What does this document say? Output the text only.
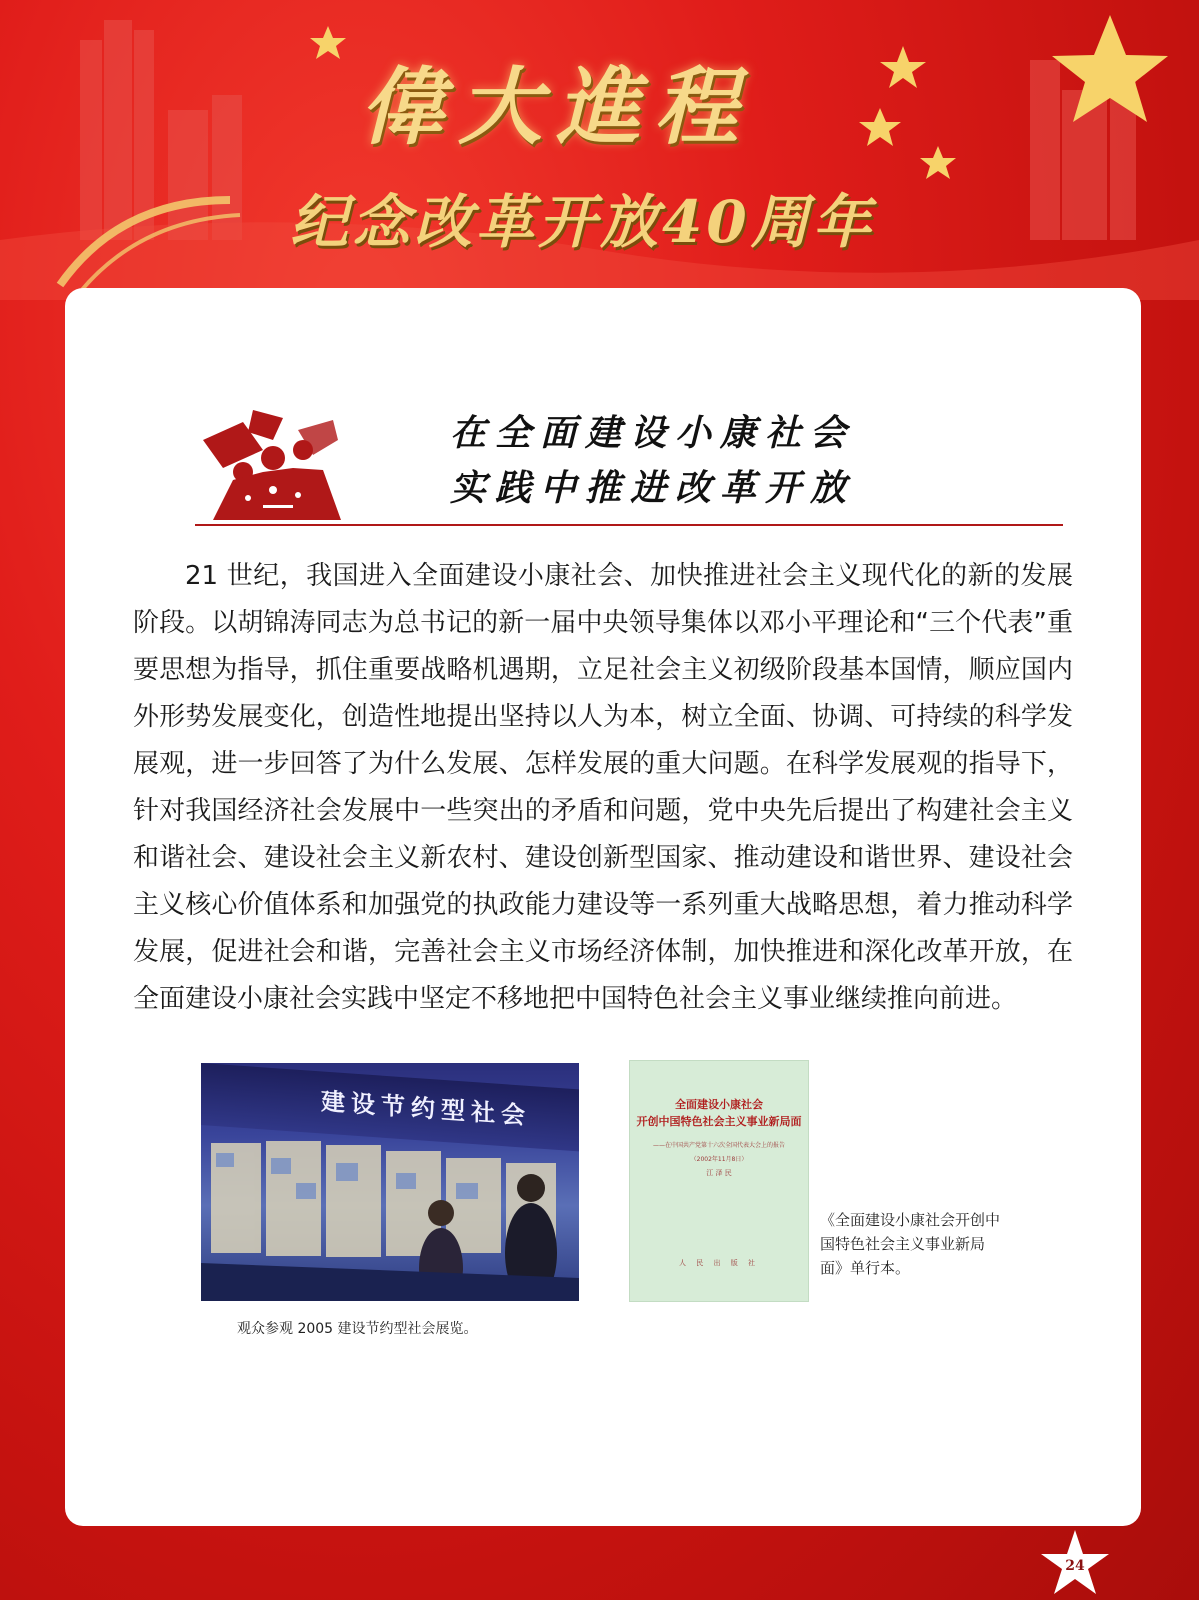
偉大進程
纪念改革开放40周年
在全面建设小康社会
实践中推进改革开放

21 世纪，我国进入全面建设小康社会、加快推进社会主义现代化的新的发展阶段。以胡锦涛同志为总书记的新一届中央领导集体以邓小平理论和“三个代表”重要思想为指导，抓住重要战略机遇期，立足社会主义初级阶段基本国情，顺应国内外形势发展变化，创造性地提出坚持以人为本，树立全面、协调、可持续的科学发展观，进一步回答了为什么发展、怎样发展的重大问题。在科学发展观的指导下，针对我国经济社会发展中一些突出的矛盾和问题，党中央先后提出了构建社会主义和谐社会、建设社会主义新农村、建设创新型国家、推动建设和谐世界、建设社会主义核心价值体系和加强党的执政能力建设等一系列重大战略思想，着力推动科学发展，促进社会和谐，完善社会主义市场经济体制，加快推进和深化改革开放，在全面建设小康社会实践中坚定不移地把中国特色社会主义事业继续推向前进。

建设节约型社会
观众参观 2005 建设节约型社会展览。
全面建设小康社会
开创中国特色社会主义事业新局面
——在中国共产党第十六次全国代表大会上的报告
（2002年11月8日）
江 泽 民
人 民 出 版 社
《全面建设小康社会开创中国特色社会主义事业新局面》单行本。
24
